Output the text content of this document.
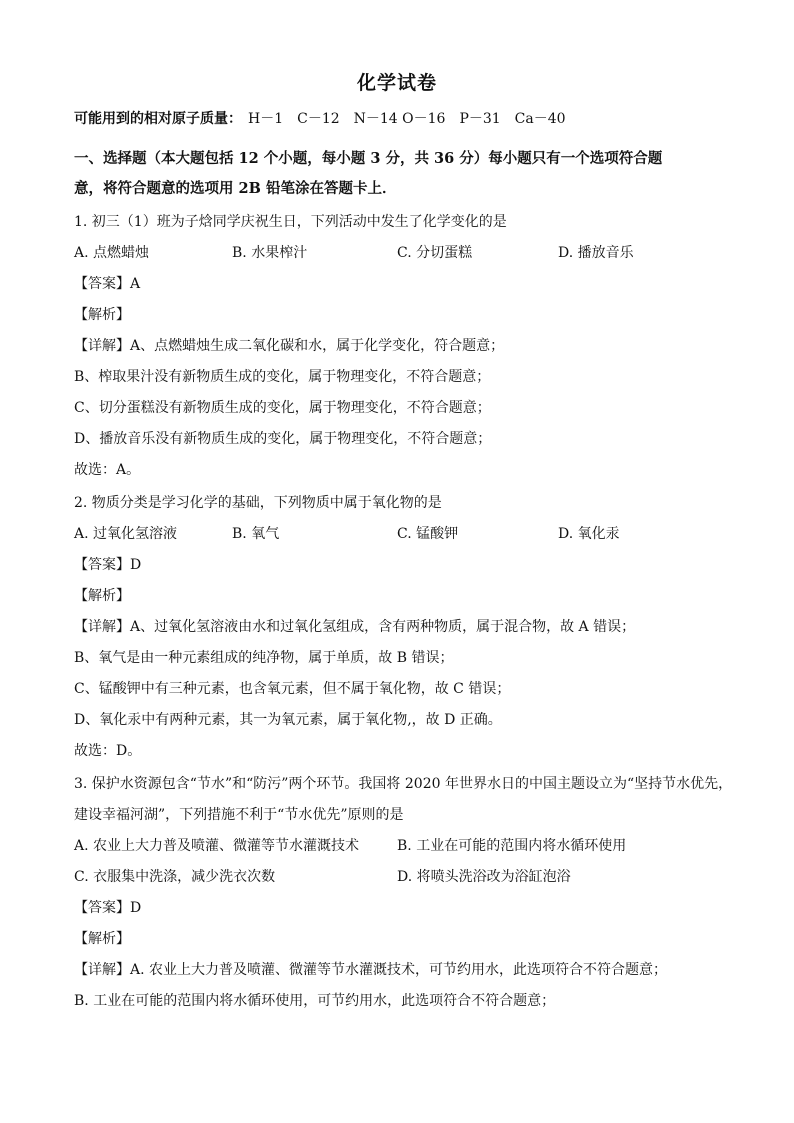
化学试卷
可能用到的相对原子质量： H－1　C－12　N－14 O－16　P－31　Ca－40
一、选择题（本大题包括 12 个小题，每小题 3 分，共 36 分）每小题只有一个选项符合题
意，将符合题意的选项用 2B 铅笔涂在答题卡上．
1. 初三（1）班为子焓同学庆祝生日，下列活动中发生了化学变化的是
A. 点燃蜡烛	B. 水果榨汁	C. 分切蛋糕	D. 播放音乐
【答案】A
【解析】
【详解】A、点燃蜡烛生成二氧化碳和水，属于化学变化，符合题意；
B、榨取果汁没有新物质生成的变化，属于物理变化，不符合题意；
C、切分蛋糕没有新物质生成的变化，属于物理变化，不符合题意；
D、播放音乐没有新物质生成的变化，属于物理变化，不符合题意；
故选：A。
2. 物质分类是学习化学的基础，下列物质中属于氧化物的是
A. 过氧化氢溶液	B. 氧气	C. 锰酸钾	D. 氧化汞
【答案】D
【解析】
【详解】A、过氧化氢溶液由水和过氧化氢组成，含有两种物质，属于混合物，故 A 错误；
B、氧气是由一种元素组成的纯净物，属于单质，故 B 错误；
C、锰酸钾中有三种元素，也含氧元素，但不属于氧化物，故 C 错误；
D、氧化汞中有两种元素，其一为氧元素，属于氧化物,，故 D 正确。
故选：D。
3. 保护水资源包含“节水”和“防污”两个环节。我国将 2020 年世界水日的中国主题设立为“坚持节水优先，
建设幸福河湖”，下列措施不利于“节水优先”原则的是
A. 农业上大力普及喷灌、微灌等节水灌溉技术	B. 工业在可能的范围内将水循环使用
C. 衣服集中洗涤，减少洗衣次数	D. 将喷头洗浴改为浴缸泡浴
【答案】D
【解析】
【详解】A. 农业上大力普及喷灌、微灌等节水灌溉技术，可节约用水，此选项符合不符合题意；
B. 工业在可能的范围内将水循环使用，可节约用水，此选项符合不符合题意；
